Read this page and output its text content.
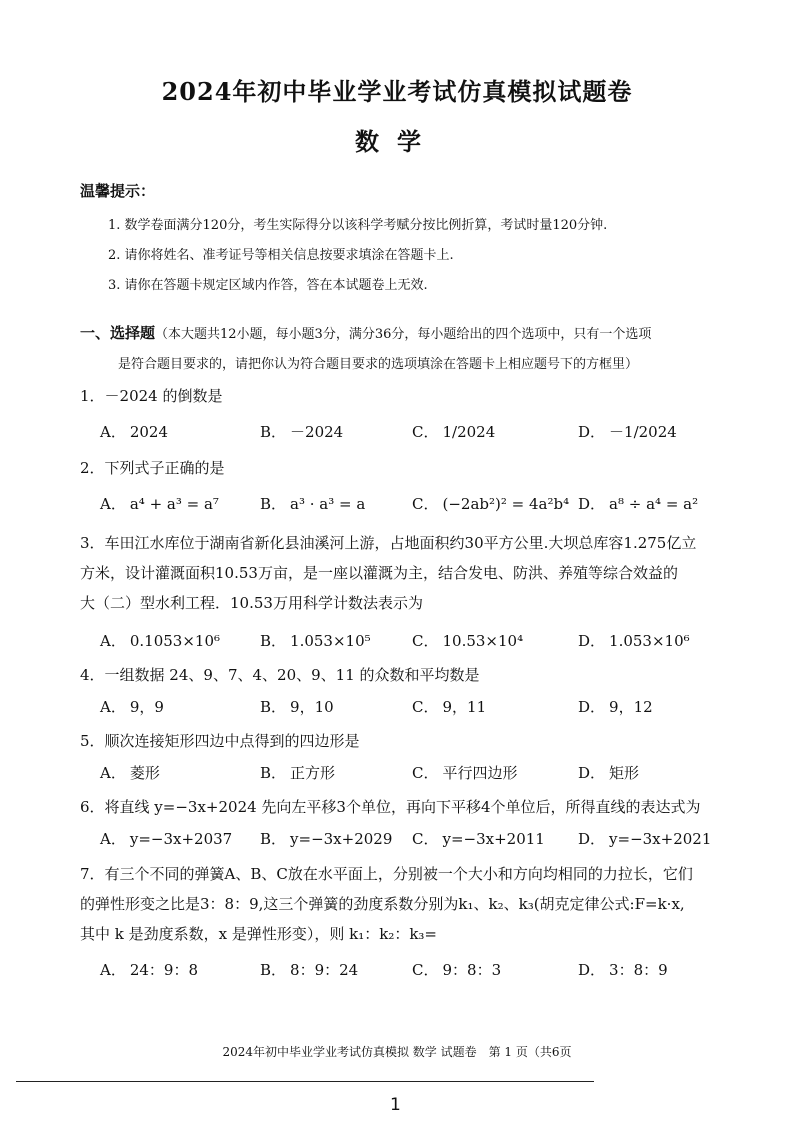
2024年初中毕业学业考试仿真模拟试题卷
数学
温馨提示：
1. 数学卷面满分120分，考生实际得分以该科学考赋分按比例折算，考试时量120分钟.
2. 请你将姓名、准考证号等相关信息按要求填涂在答题卡上.
3. 请你在答题卡规定区域内作答，答在本试题卷上无效.
一、选择题（本大题共12小题，每小题3分，满分36分，每小题给出的四个选项中，只有一个选项
是符合题目要求的，请把你认为符合题目要求的选项填涂在答题卡上相应题号下的方框里）
1．－2024 的倒数是
A． 2024	B． －2024	C． 1/2024	D． －1/2024
2．下列式子正确的是
A． a⁴ + a³ = a⁷	B． a³ · a³ = a	C． (−2ab²)² = 4a²b⁴ D． a⁸ ÷ a⁴ = a²
3．车田江水库位于湖南省新化县油溪河上游，占地面积约30平方公里.大坝总库容1.275亿立
方米，设计灌溉面积10.53万亩，是一座以灌溉为主，结合发电、防洪、养殖等综合效益的
大（二）型水利工程．10.53万用科学计数法表示为
A． 0.1053×10⁶	B． 1.053×10⁵	C． 10.53×10⁴	D． 1.053×10⁶
4．一组数据 24、9、7、4、20、9、11 的众数和平均数是
A． 9，9	B． 9，10	C． 9，11	D． 9，12
5．顺次连接矩形四边中点得到的四边形是
A． 菱形	B． 正方形	C． 平行四边形	D． 矩形
6．将直线 y=−3x+2024 先向左平移3个单位，再向下平移4个单位后，所得直线的表达式为
A． y=−3x+2037 B． y=−3x+2029 C． y=−3x+2011 D． y=−3x+2021
7．有三个不同的弹簧A、B、C放在水平面上，分别被一个大小和方向均相同的力拉长，它们
的弹性形变之比是3：8：9,这三个弹簧的劲度系数分别为k₁、k₂、k₃(胡克定律公式:F=k·x,
其中 k 是劲度系数，x 是弹性形变），则 k₁：k₂：k₃=
A． 24：9：8	B． 8：9：24	C． 9：8：3	D． 3：8：9
2024年初中毕业学业考试仿真模拟 数学 试题卷　第 1 页（共6页
1
